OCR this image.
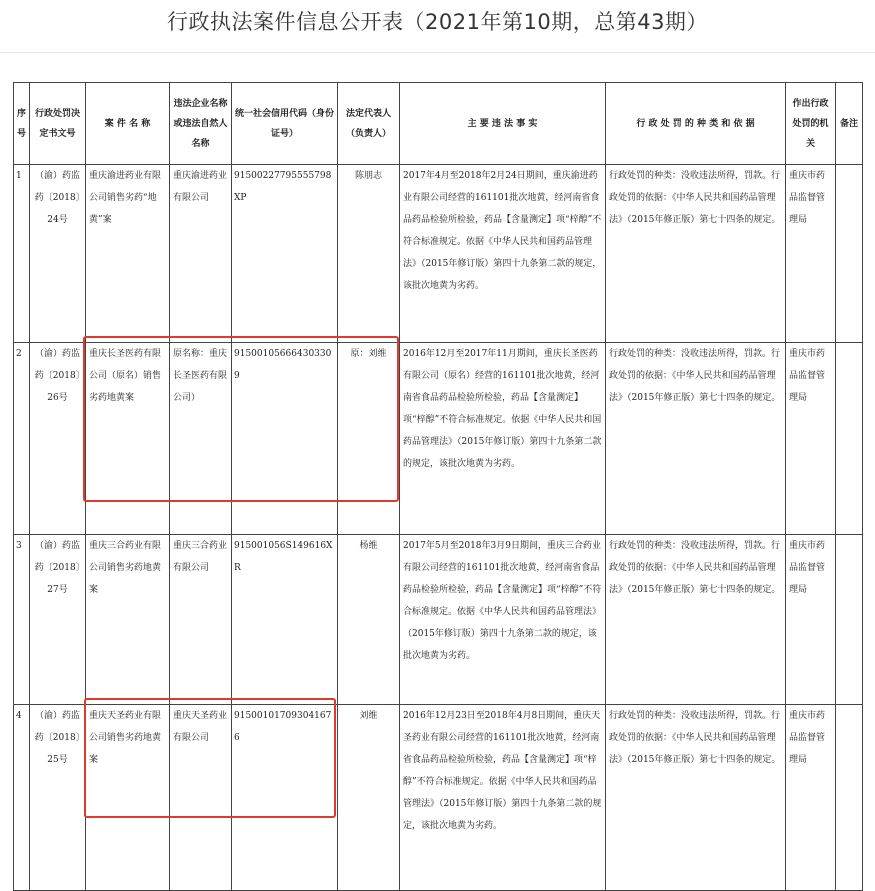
行政执法案件信息公开表（2021年第10期，总第43期）
序号	行政处罚决定书文号	案 件 名 称	违法企业名称或违法自然人名称	统一社会信用代码（身份证号）	法定代表人（负责人）	主 要 违 法 事 实	行 政 处 罚 的 种 类 和 依 据	作出行政处罚的机关	备注
1	（渝）药监药〔2018〕24号	重庆渝进药业有限公司销售劣药“地黄”案	重庆渝进药业有限公司	91500227795555798XP	陈朋志	2017年4月至2018年2月24日期间，重庆渝进药业有限公司经营的161101批次地黄，经河南省食品药品检验所检验，药品【含量测定】项“梓醇”不符合标准规定。依据《中华人民共和国药品管理法》（2015年修订版）第四十九条第二款的规定，该批次地黄为劣药。	行政处罚的种类：没收违法所得，罚款。行政处罚的依据：《中华人民共和国药品管理法》（2015年修正版）第七十四条的规定。	重庆市药品监督管理局	
2	（渝）药监药〔2018〕26号	重庆长圣医药有限公司（原名）销售劣药地黄案	原名称：重庆长圣医药有限公司）	915001056664303309	原：刘维	2016年12月至2017年11月期间，重庆长圣医药有限公司（原名）经营的161101批次地黄，经河南省食品药品检验所检验，药品【含量测定】项“梓醇”不符合标准规定。依据《中华人民共和国药品管理法》（2015年修订版）第四十九条第二款的规定，该批次地黄为劣药。	行政处罚的种类：没收违法所得，罚款。行政处罚的依据：《中华人民共和国药品管理法》（2015年修正版）第七十四条的规定。	重庆市药品监督管理局	
3	（渝）药监药〔2018〕27号	重庆三合药业有限公司销售劣药地黄案	重庆三合药业有限公司	915001056S149616XR	杨维	2017年5月至2018年3月9日期间，重庆三合药业有限公司经营的161101批次地黄，经河南省食品药品检验所检验，药品【含量测定】项“梓醇”不符合标准规定。依据《中华人民共和国药品管理法》（2015年修订版）第四十九条第二款的规定，该批次地黄为劣药。	行政处罚的种类：没收违法所得，罚款。行政处罚的依据：《中华人民共和国药品管理法》（2015年修正版）第七十四条的规定。	重庆市药品监督管理局	
4	（渝）药监药〔2018〕25号	重庆天圣药业有限公司销售劣药地黄案	重庆天圣药业有限公司	915001017093041676	刘维	2016年12月23日至2018年4月8日期间，重庆天圣药业有限公司经营的161101批次地黄，经河南省食品药品检验所检验，药品【含量测定】项“梓醇”不符合标准规定。依据《中华人民共和国药品管理法》（2015年修订版）第四十九条第二款的规定，该批次地黄为劣药。	行政处罚的种类：没收违法所得，罚款。行政处罚的依据：《中华人民共和国药品管理法》（2015年修正版）第七十四条的规定。	重庆市药品监督管理局	
